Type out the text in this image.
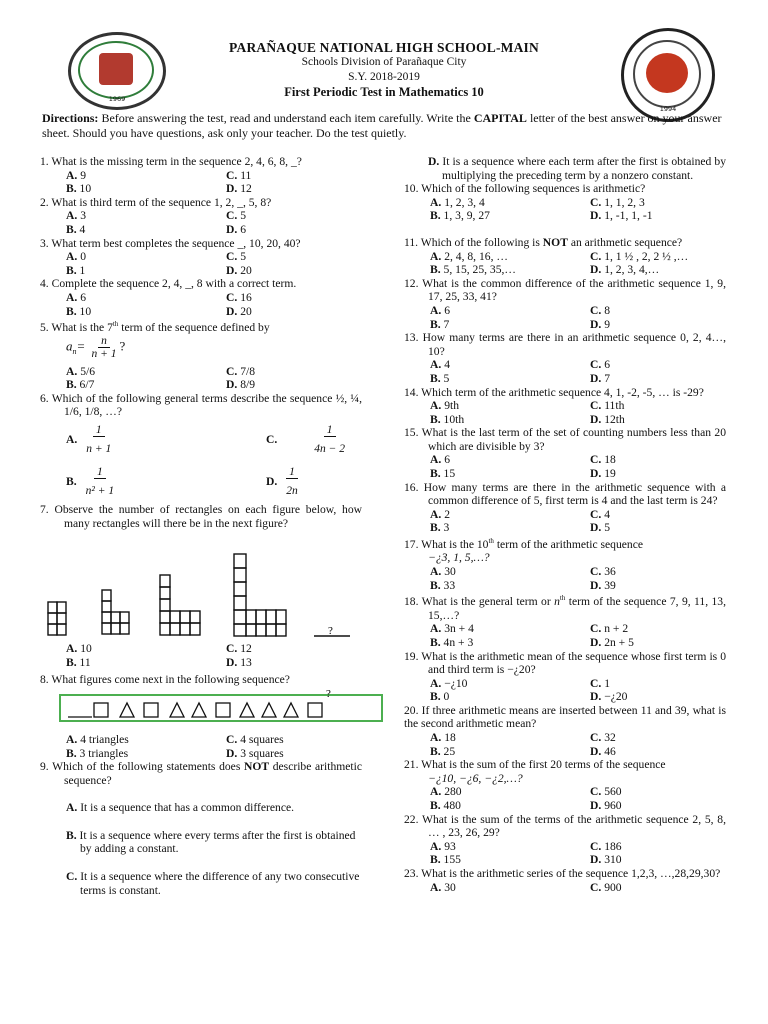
1969
1994
PARAÑAQUE NATIONAL HIGH SCHOOL-MAIN
Schools Division of Parañaque City
S.Y. 2018-2019
First Periodic Test in Mathematics 10
Directions: Before answering the test, read and understand each item carefully. Write the CAPITAL letter of the best answer on your answer sheet. Should you have questions, ask only your teacher. Do the test quietly.
1. What is the missing term in the sequence 2, 4, 6, 8, _?
A. 9	C. 11
B. 10	D. 12
2. What is third term of the sequence 1, 2, _, 5, 8?
A. 3	C. 5
B. 4	D. 6
3. What term best completes the sequence _, 10, 20, 40?
A. 0	C. 5
B. 1	D. 20
4. Complete the sequence 2, 4, _, 8 with a correct term.
A. 6	C. 16
B. 10	D. 20
5. What is the 7th term of the sequence defined by
$a_n= \frac{n}{n + 1}$ ?
A. 5/6	C. 7/8
B. 6/7	D. 8/9
6. Which of the following general terms describe the sequence ½, ¼, 1/6, 1/8, …?
A. $\frac{1}{n + 1}$	C.	$\frac{1}{4n - 2}$
B. $\frac{1}{\text{n² + 1}}$	D. $\frac{1}{2n}$
7. Observe the number of rectangles on each figure below, how many rectangles will there be in the next figure?
?
A. 10	C. 12
B. 11	D. 13
8. What figures come next in the following sequence?
?
A. 4 triangles	C. 4 squares
B. 3 triangles	D. 3 squares
9. Which of the following statements does NOT describe arithmetic sequence?
A. It is a sequence that has a common difference.
B. It is a sequence where every terms after the first is obtained by adding a constant.
C. It is a sequence where the difference of any two consecutive terms is constant.
D. It is a sequence where each term after the first is obtained by multiplying the preceding term by a nonzero constant.
10. Which of the following sequences is arithmetic?
A. 1, 2, 3, 4	C. 1, 1, 2, 3
B. 1, 3, 9, 27	D. 1, -1, 1, -1
11. Which of the following is NOT an arithmetic sequence?
A. 2, 4, 8, 16, …	C. 1, 1 ½ , 2, 2 ½ ,…
B. 5, 15, 25, 35,…	D. 1, 2, 3, 4,…
12. What is the common difference of the arithmetic sequence 1, 9, 17, 25, 33, 41?
A. 6	C. 8
B. 7	D. 9
13. How many terms are there in an arithmetic sequence 0, 2, 4…, 10?
A. 4	C. 6
B. 5	D. 7
14. Which term of the arithmetic sequence 4, 1, -2, -5, … is -29?
A. 9th	C. 11th
B. 10th	D. 12th
15. What is the last term of the set of counting numbers less than 20 which are divisible by 3?
A. 6	C. 18
B. 15	D. 19
16. How many terms are there in the arithmetic sequence with a common difference of 5, first term is 4 and the last term is 24?
A. 2	C. 4
B. 3	D. 5
17. What is the 10th term of the arithmetic sequence
−¿3, 1, 5,…?
A. 30	C. 36
B. 33	D. 39
18. What is the general term or $n^{th}$ term of the sequence 7, 9, 11, 13, 15,…?
A. 3n + 4	C. n + 2
B. 4n + 3	D. 2n + 5
19. What is the arithmetic mean of the sequence whose first term is 0 and third term is −¿20?
A. −¿10	C. 1
B. 0	D. −¿20
20. If three arithmetic means are inserted between 11 and 39, what is the second arithmetic mean?
A. 18	C. 32
B. 25	D. 46
21. What is the sum of the first 20 terms of the sequence
−¿10, −¿6, −¿2,…?
A. 280	C. 560
B. 480	D. 960
22. What is the sum of the terms of the arithmetic sequence 2, 5, 8, … , 23, 26, 29?
A. 93	C. 186
B. 155	D. 310
23. What is the arithmetic series of the sequence 1,2,3, …,28,29,30?
A. 30	C. 900
